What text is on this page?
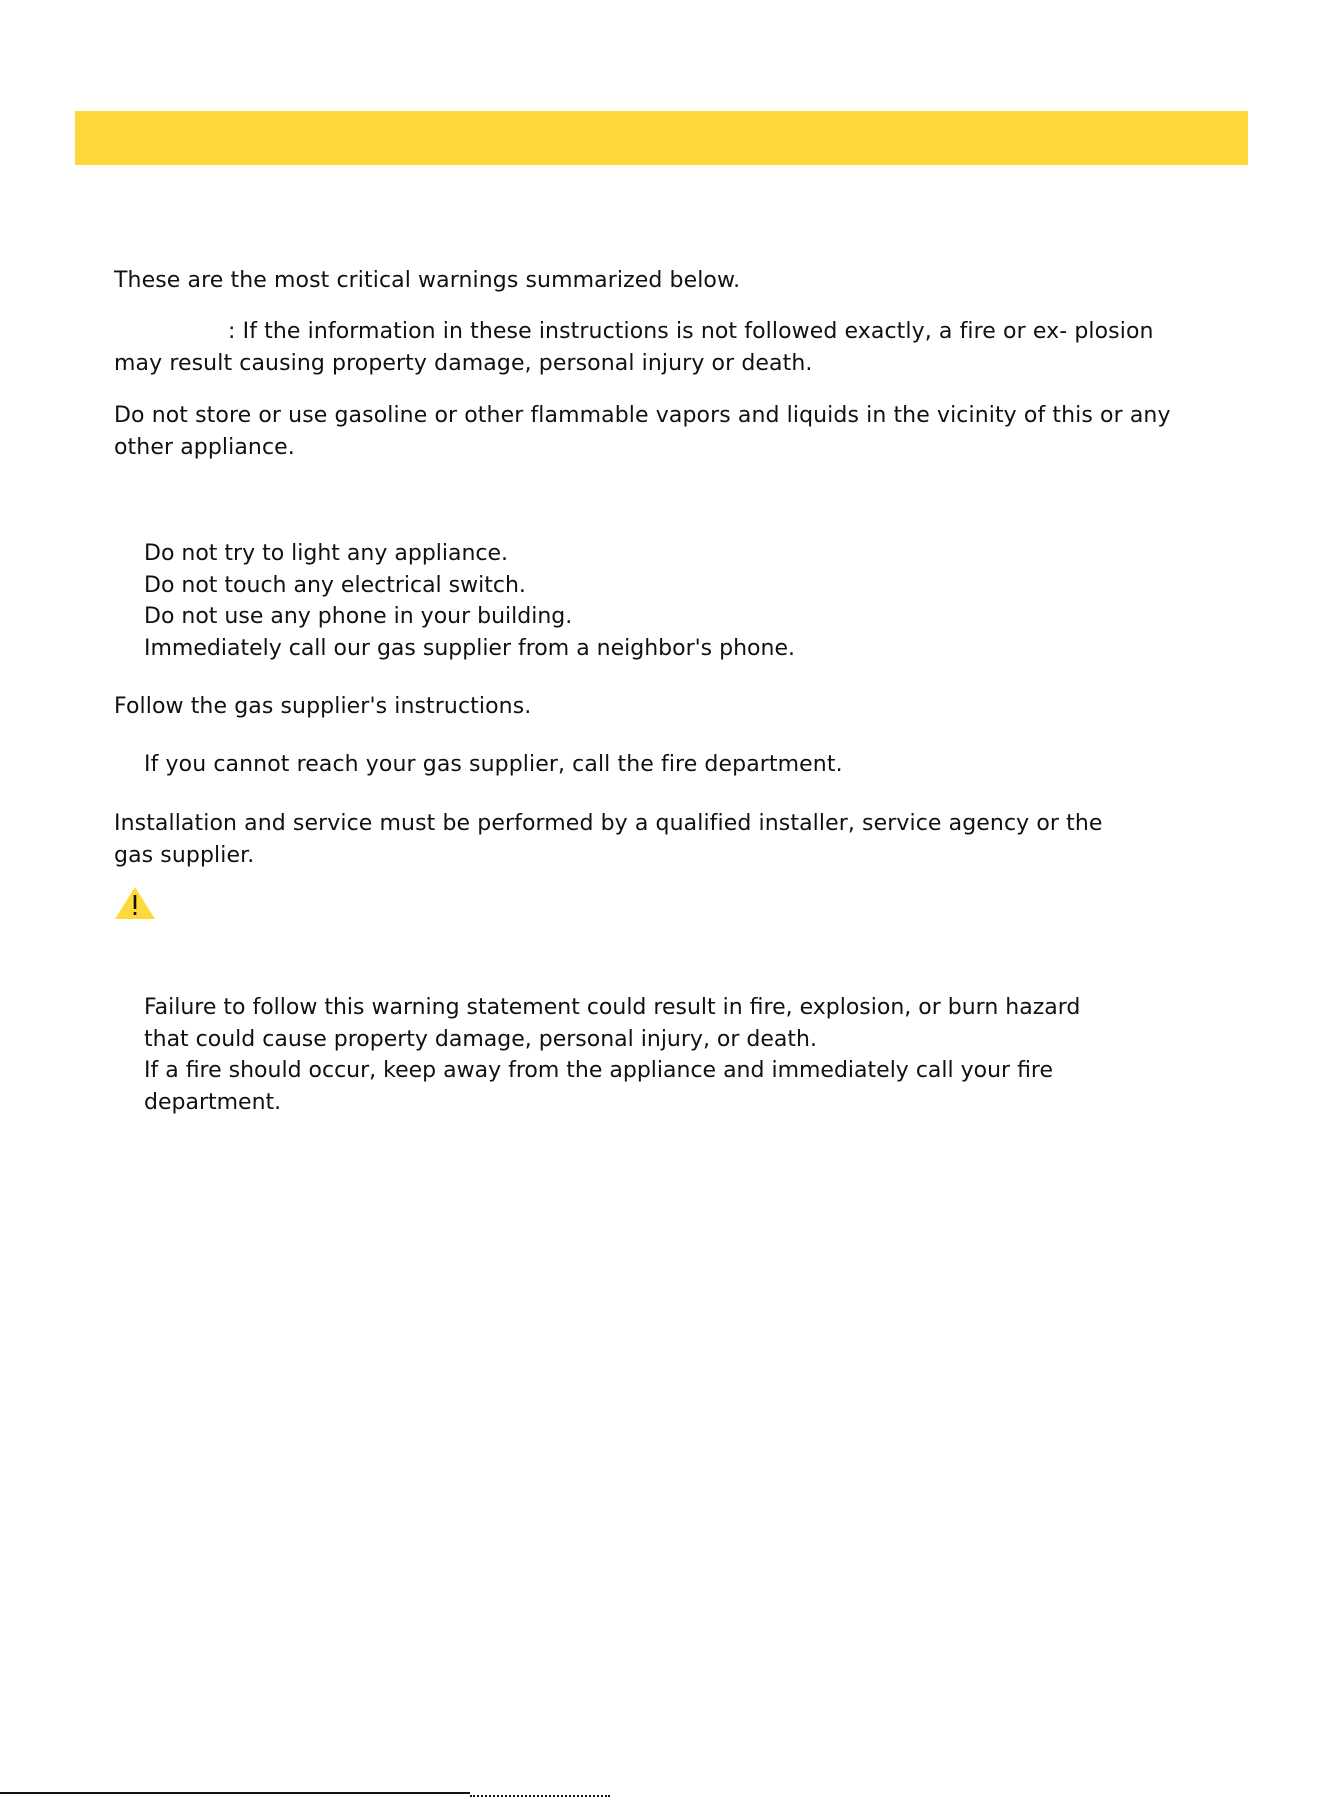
These are the most critical warnings summarized below.

: If the information in these instructions is not followed exactly, a fire or ex- plosion may result causing property damage, personal injury or death.

Do not store or use gasoline or other flammable vapors and liquids in the vicinity of this or any other appliance.

Do not try to light any appliance.
Do not touch any electrical switch.
Do not use any phone in your building.
Immediately call our gas supplier from a neighbor's phone.

Follow the gas supplier's instructions.

If you cannot reach your gas supplier, call the fire department.

Installation and service must be performed by a qualified installer, service agency or the gas supplier.

Failure to follow this warning statement could result in fire, explosion, or burn hazard that could cause property damage, personal injury, or death.
If a fire should occur, keep away from the appliance and immediately call your fire department.
